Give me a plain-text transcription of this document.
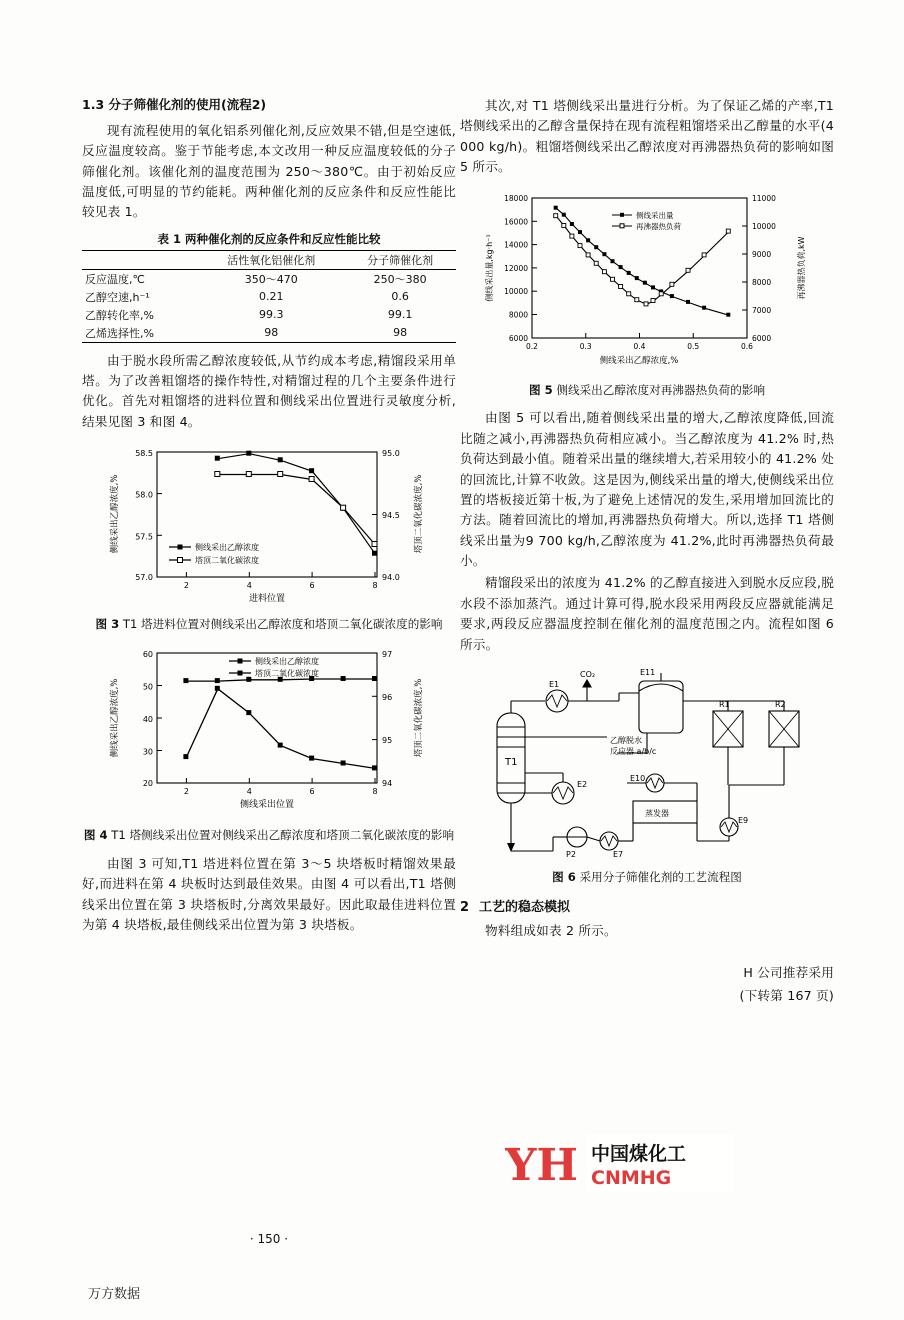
1.3 分子筛催化剂的使用(流程2)

现有流程使用的氧化铝系列催化剂,反应效果不错,但是空速低,反应温度较高。鉴于节能考虑,本文改用一种反应温度较低的分子筛催化剂。该催化剂的温度范围为 250～380℃。由于初始反应温度低,可明显的节约能耗。两种催化剂的反应条件和反应性能比较见表 1。

表 1 两种催化剂的反应条件和反应性能比较
	活性氧化铝催化剂	分子筛催化剂
反应温度,℃	350～470	250～380
乙醇空速,h⁻¹	0.21	0.6
乙醇转化率,%	99.3	99.1
乙烯选择性,%	98	98

由于脱水段所需乙醇浓度较低,从节约成本考虑,精馏段采用单塔。为了改善粗馏塔的操作特性,对精馏过程的几个主要条件进行优化。首先对粗馏塔的进料位置和侧线采出位置进行灵敏度分析,结果见图 3 和图 4。

58.5
58.0
57.5
57.0
95.0
94.5
94.0
2	4	6	8
进料位置
侧线采出乙醇浓度,%	塔顶二氧化碳浓度,%
侧线采出乙醇浓度
塔顶二氧化碳浓度
图 3 T1 塔进料位置对侧线采出乙醇浓度和塔顶二氧化碳浓度的影响
60
50
40
30
20
97
96
95
94
2	4	6	8
侧线采出位置
侧线采出乙醇浓度,%	塔顶二氧化碳浓度,%
侧线采出乙醇浓度
塔顶二氧化碳浓度
图 4 T1 塔侧线采出位置对侧线采出乙醇浓度和塔顶二氧化碳浓度的影响

由图 3 可知,T1 塔进料位置在第 3～5 块塔板时精馏效果最好,而进料在第 4 块板时达到最佳效果。由图 4 可以看出,T1 塔侧线采出位置在第 3 块塔板时,分离效果最好。因此取最佳进料位置为第 4 块塔板,最佳侧线采出位置为第 3 块塔板。

其次,对 T1 塔侧线采出量进行分析。为了保证乙烯的产率,T1 塔侧线采出的乙醇含量保持在现有流程粗馏塔采出乙醇量的水平(4 000 kg/h)。粗馏塔侧线采出乙醇浓度对再沸器热负荷的影响如图 5 所示。

18000
16000
14000
12000
10000
8000
6000
11000
10000
9000
8000
7000
6000
0.2	0.3	0.4	0.5	0.6
侧线采出乙醇浓度,%
侧线采出量,kg·h⁻¹	再沸器热负荷,kW
侧线采出量
再沸器热负荷
图 5 侧线采出乙醇浓度对再沸器热负荷的影响

由图 5 可以看出,随着侧线采出量的增大,乙醇浓度降低,回流比随之减小,再沸器热负荷相应减小。当乙醇浓度为 41.2% 时,热负荷达到最小值。随着采出量的继续增大,若采用较小的 41.2% 处的回流比,计算不收敛。这是因为,侧线采出量的增大,使侧线采出位置的塔板接近第十板,为了避免上述情况的发生,采用增加回流比的方法。随着回流比的增加,再沸器热负荷增大。所以,选择 T1 塔侧线采出量为9 700 kg/h,乙醇浓度为 41.2%,此时再沸器热负荷最小。

精馏段采出的浓度为 41.2% 的乙醇直接进入到脱水反应段,脱水段不添加蒸汽。通过计算可得,脱水段采用两段反应器就能满足要求,两段反应器温度控制在催化剂的温度范围之内。流程如图 6 所示。

T1
E1
CO₂	E11
R1	R2
乙醇脱水
反应器 a/b/c
E10
蒸发器
E9
E7
P2
E2
图 6 采用分子筛催化剂的工艺流程图
2 工艺的稳态模拟

物料组成如表 2 所示。

H 公司推荐采用

(下转第 167 页)

YH 中国煤化工
CNMHG
· 150 ·
万方数据
